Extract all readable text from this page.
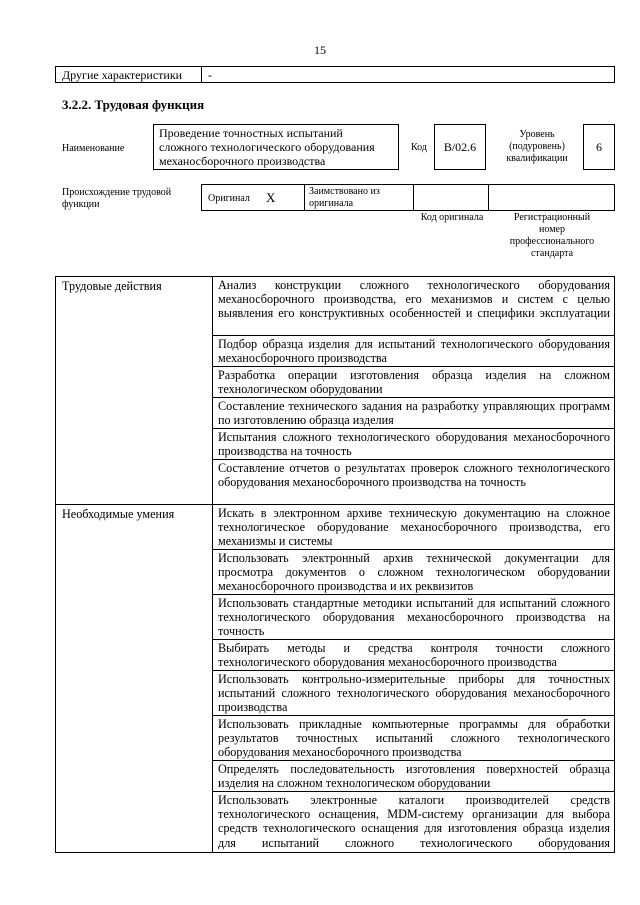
15
Другие характеристики	-
3.2.2. Трудовая функция
Наименование
Проведение точностных испытаний сложного технологического оборудования механосборочного производства
Код	B/02.6
Уровень (подуровень) квалификации
6
Происхождение трудовой функции
Оригинал X	Заимствовано из оригинала
Код оригинала	Регистрационный номер профессионального стандарта
Трудовые действия	Анализ конструкции сложного технологического оборудования механосборочного производства, его механизмов и систем с целью выявления его конструктивных особенностей и специфики эксплуатации

	Подбор образца изделия для испытаний технологического оборудования механосборочного производства

	Разработка операции изготовления образца изделия на сложном технологическом оборудовании

	Составление технического задания на разработку управляющих программ по изготовлению образца изделия

	Испытания сложного технологического оборудования механосборочного производства на точность

	Составление отчетов о результатах проверок сложного технологического оборудования механосборочного производства на точность

Необходимые умения	Искать в электронном архиве техническую документацию на сложное технологическое оборудование механосборочного производства, его механизмы и системы

	Использовать электронный архив технической документации для просмотра документов о сложном технологическом оборудовании механосборочного производства и их реквизитов

	Использовать стандартные методики испытаний для испытаний сложного технологического оборудования механосборочного производства на точность

	Выбирать методы и средства контроля точности сложного технологического оборудования механосборочного производства

	Использовать контрольно-измерительные приборы для точностных испытаний сложного технологического оборудования механосборочного производства

	Использовать прикладные компьютерные программы для обработки результатов точностных испытаний сложного технологического оборудования механосборочного производства

	Определять последовательность изготовления поверхностей образца изделия на сложном технологическом оборудовании

	Использовать электронные каталоги производителей средств технологического оснащения, MDM-систему организации для выбора средств технологического оснащения для изготовления образца изделия для испытаний сложного технологического оборудования
